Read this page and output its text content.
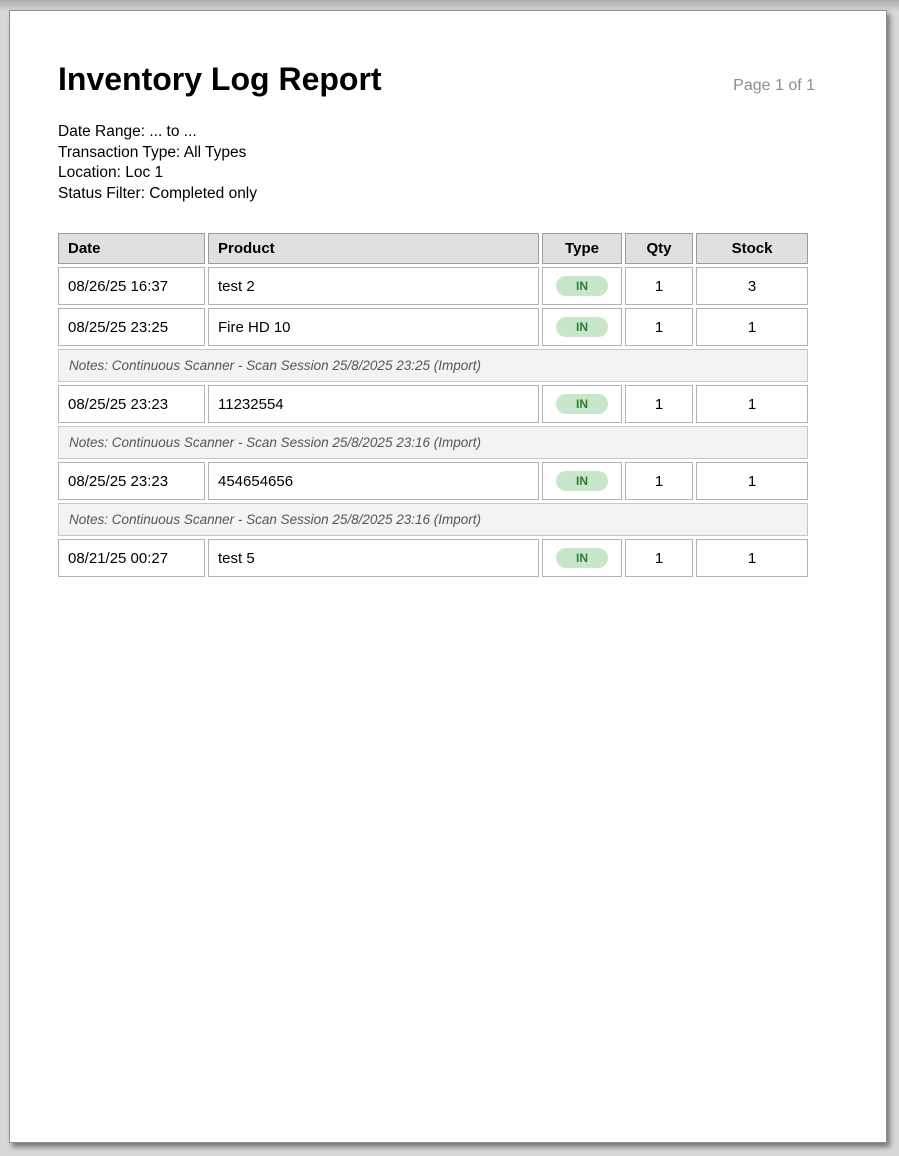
Inventory Log Report	Page 1 of 1
Date Range: ... to ...
Transaction Type: All Types
Location: Loc 1
Status Filter: Completed only
Date	Product	Type	Qty	Stock
08/26/25 16:37	test 2	IN	1	3
08/25/25 23:25	Fire HD 10	IN	1	1
Notes: Continuous Scanner - Scan Session 25/8/2025 23:25 (Import)				
08/25/25 23:23	11232554	IN	1	1
Notes: Continuous Scanner - Scan Session 25/8/2025 23:16 (Import)				
08/25/25 23:23	454654656	IN	1	1
Notes: Continuous Scanner - Scan Session 25/8/2025 23:16 (Import)				
08/21/25 00:27	test 5	IN	1	1
